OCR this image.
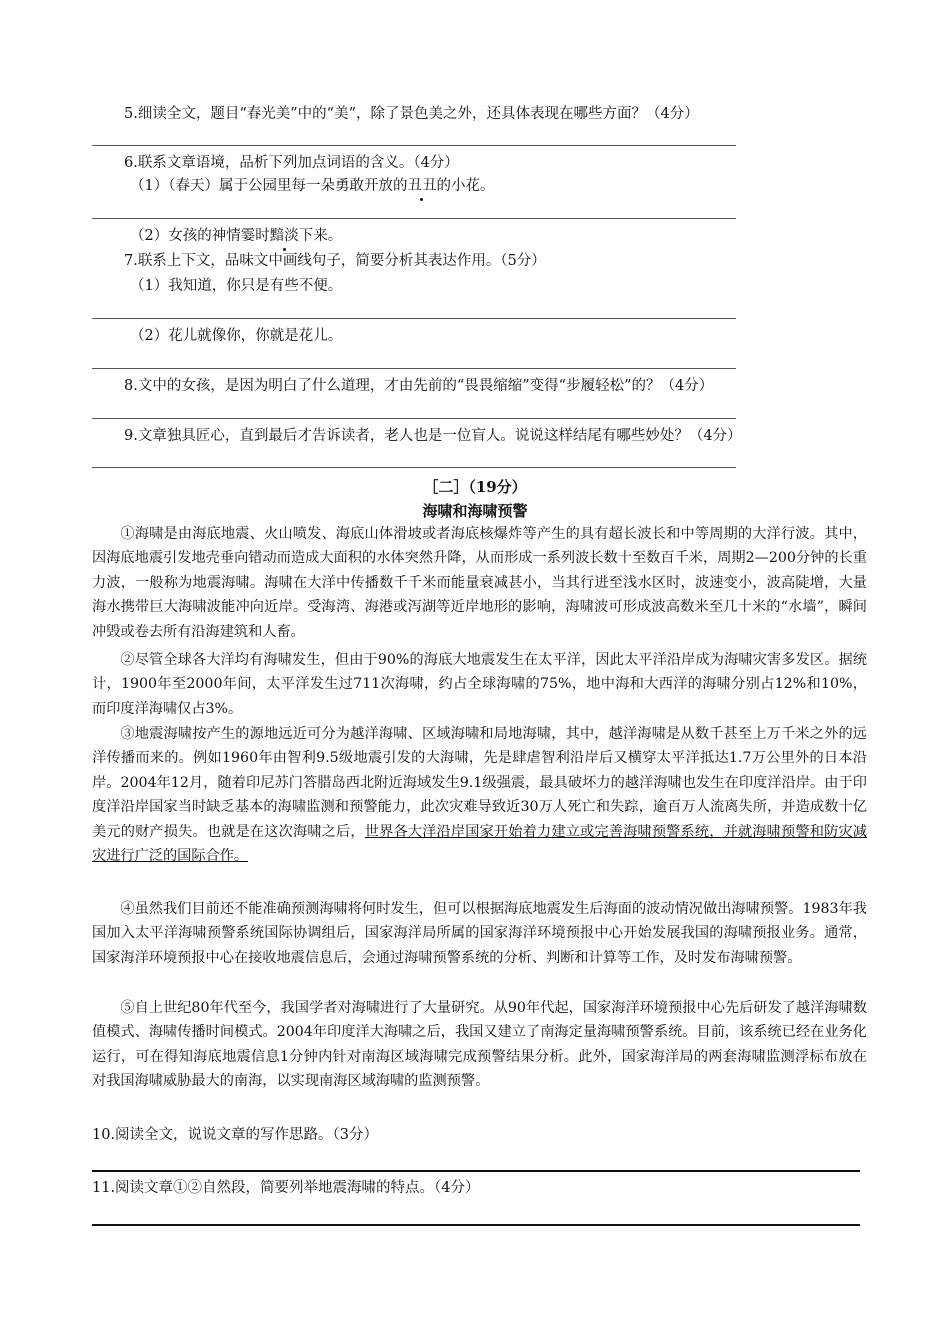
5.细读全文，题目“春光美”中的“美”，除了景色美之外，还具体表现在哪些方面？（4分）
6.联系文章语境，品析下列加点词语的含义。（4分）
（1）（春天）属于公园里每一朵勇敢开放的丑丑的小花。
（2）女孩的神情霎时黯淡下来。
7.联系上下文，品味文中画线句子，简要分析其表达作用。（5分）
（1）我知道，你只是有些不便。
（2）花儿就像你，你就是花儿。
8.文中的女孩，是因为明白了什么道理，才由先前的“畏畏缩缩”变得“步履轻松”的？（4分）
9.文章独具匠心，直到最后才告诉读者，老人也是一位盲人。说说这样结尾有哪些妙处？（4分）
［二］（19分）
海啸和海啸预警
①海啸是由海底地震、火山喷发、海底山体滑坡或者海底核爆炸等产生的具有超长波长和中等周期的大洋行波。其中，因海底地震引发地壳垂向错动而造成大面积的水体突然升降，从而形成一系列波长数十至数百千米，周期2—200分钟的长重力波，一般称为地震海啸。海啸在大洋中传播数千千米而能量衰减甚小，当其行进至浅水区时，波速变小，波高陡增，大量海水携带巨大海啸波能冲向近岸。受海湾、海港或泻湖等近岸地形的影响，海啸波可形成波高数米至几十米的“水墙”，瞬间冲毁或卷去所有沿海建筑和人畜。
②尽管全球各大洋均有海啸发生，但由于90%的海底大地震发生在太平洋，因此太平洋沿岸成为海啸灾害多发区。据统计，1900年至2000年间，太平洋发生过711次海啸，约占全球海啸的75%，地中海和大西洋的海啸分别占12%和10%，而印度洋海啸仅占3%。
③地震海啸按产生的源地远近可分为越洋海啸、区域海啸和局地海啸，其中，越洋海啸是从数千甚至上万千米之外的远洋传播而来的。例如1960年由智利9.5级地震引发的大海啸，先是肆虐智利沿岸后又横穿太平洋抵达1.7万公里外的日本沿岸。2004年12月，随着印尼苏门答腊岛西北附近海域发生9.1级强震，最具破坏力的越洋海啸也发生在印度洋沿岸。由于印度洋沿岸国家当时缺乏基本的海啸监测和预警能力，此次灾难导致近30万人死亡和失踪，逾百万人流离失所，并造成数十亿美元的财产损失。也就是在这次海啸之后，世界各大洋沿岸国家开始着力建立或完善海啸预警系统，并就海啸预警和防灾减灾进行广泛的国际合作。
④虽然我们目前还不能准确预测海啸将何时发生，但可以根据海底地震发生后海面的波动情况做出海啸预警。1983年我国加入太平洋海啸预警系统国际协调组后，国家海洋局所属的国家海洋环境预报中心开始发展我国的海啸预报业务。通常，国家海洋环境预报中心在接收地震信息后，会通过海啸预警系统的分析、判断和计算等工作，及时发布海啸预警。
⑤自上世纪80年代至今，我国学者对海啸进行了大量研究。从90年代起，国家海洋环境预报中心先后研发了越洋海啸数值模式、海啸传播时间模式。2004年印度洋大海啸之后，我国又建立了南海定量海啸预警系统。目前，该系统已经在业务化运行，可在得知海底地震信息1分钟内针对南海区域海啸完成预警结果分析。此外，国家海洋局的两套海啸监测浮标布放在对我国海啸威胁最大的南海，以实现南海区域海啸的监测预警。
10.阅读全文，说说文章的写作思路。（3分）
11.阅读文章①②自然段，简要列举地震海啸的特点。（4分）
